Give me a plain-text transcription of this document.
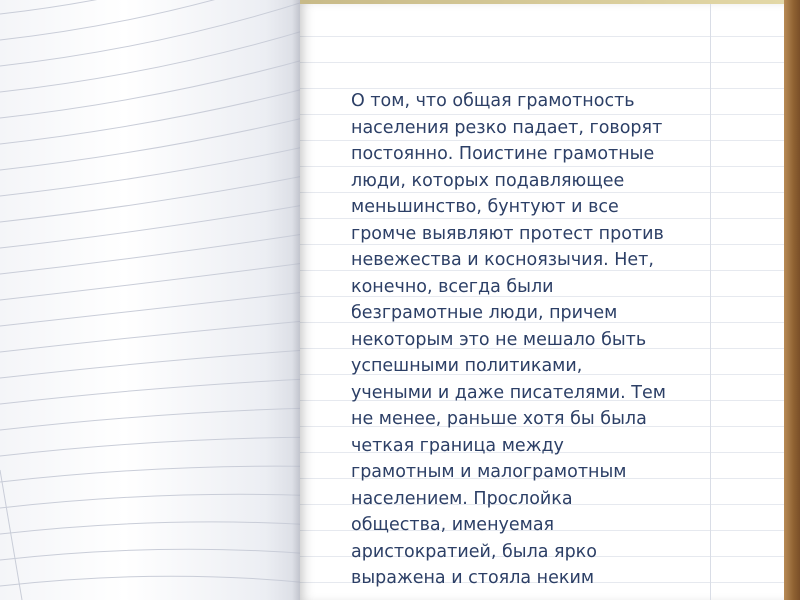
О том, что общая грамотность
населения резко падает, говорят
постоянно. Поистине грамотные
люди, которых подавляющее
меньшинство, бунтуют и все
громче выявляют протест против
невежества и косноязычия. Нет,
конечно, всегда были
безграмотные люди, причем
некоторым это не мешало быть
успешными политиками,
учеными и даже писателями. Тем
не менее, раньше хотя бы была
четкая граница между
грамотным и малограмотным
населением. Прослойка
общества, именуемая
аристократией, была ярко
выражена и стояла неким
